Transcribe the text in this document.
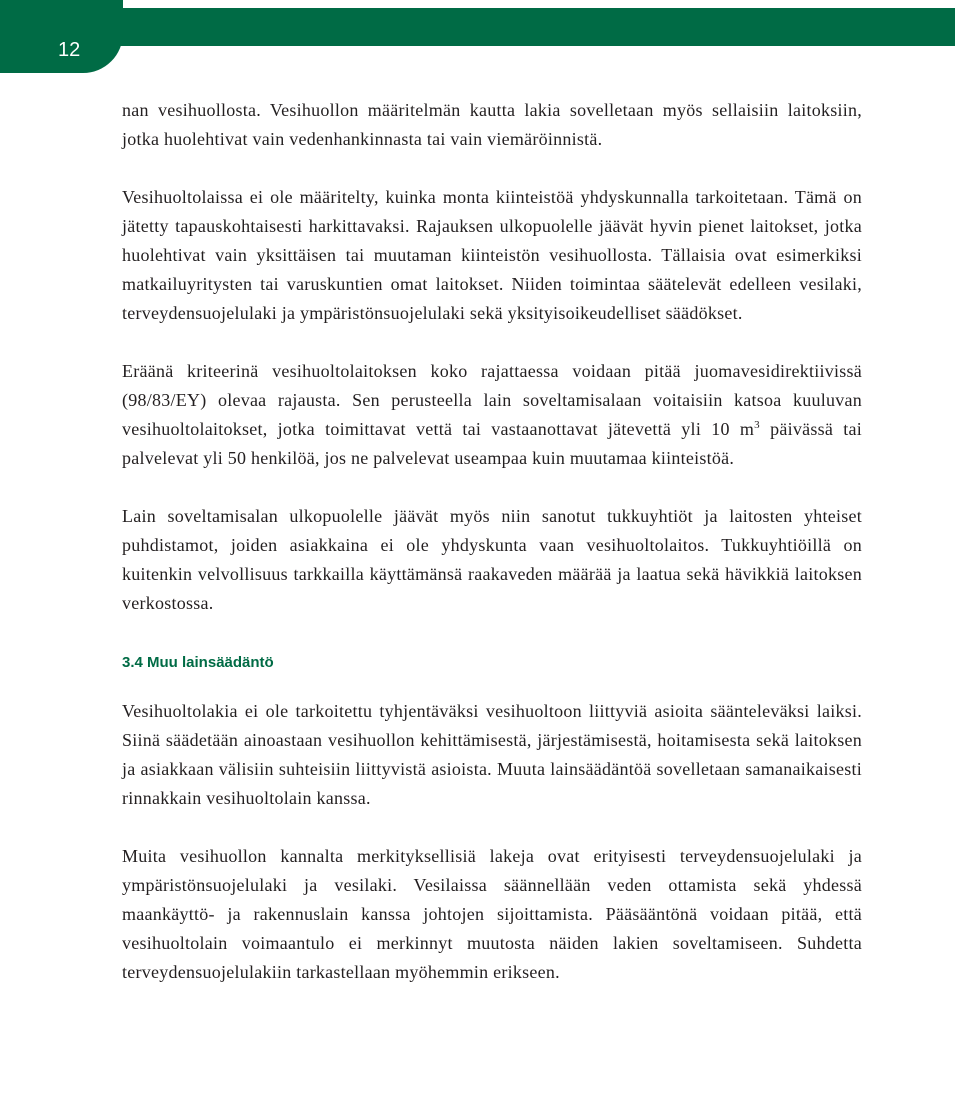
12

nan vesihuollosta. Vesihuollon määritelmän kautta lakia sovelletaan myös sellaisiin laitoksiin, jotka huolehtivat vain vedenhankinnasta tai vain viemäröinnistä.

Vesihuoltolaissa ei ole määritelty, kuinka monta kiinteistöä yhdyskunnalla tarkoitetaan. Tämä on jätetty tapauskohtaisesti harkittavaksi. Rajauksen ulkopuolelle jäävät hyvin pienet laitokset, jotka huolehtivat vain yksittäisen tai muutaman kiinteistön vesihuollosta. Tällaisia ovat esimerkiksi matkailuyritysten tai varuskuntien omat laitokset. Niiden toimintaa säätelevät edelleen vesilaki, terveydensuojelulaki ja ympäristönsuojelulaki sekä yksityisoikeudelliset säädökset.

Eräänä kriteerinä vesihuoltolaitoksen koko rajattaessa voidaan pitää juomavesidirektiivissä (98/83/EY) olevaa rajausta. Sen perusteella lain soveltamisalaan voitaisiin katsoa kuuluvan vesihuoltolaitokset, jotka toimittavat vettä tai vastaanottavat jätevettä yli 10 $m^3$ päivässä tai palvelevat yli 50 henkilöä, jos ne palvelevat useampaa kuin muutamaa kiinteistöä.

Lain soveltamisalan ulkopuolelle jäävät myös niin sanotut tukkuyhtiöt ja laitosten yhteiset puhdistamot, joiden asiakkaina ei ole yhdyskunta vaan vesihuoltolaitos. Tukkuyhtiöillä on kuitenkin velvollisuus tarkkailla käyttämänsä raakaveden määrää ja laatua sekä hävikkiä laitoksen verkostossa.

3.4 Muu lainsäädäntö

Vesihuoltolakia ei ole tarkoitettu tyhjentäväksi vesihuoltoon liittyviä asioita säänteleväksi laiksi. Siinä säädetään ainoastaan vesihuollon kehittämisestä, järjestämisestä, hoitamisesta sekä laitoksen ja asiakkaan välisiin suhteisiin liittyvistä asioista. Muuta lainsäädäntöä sovelletaan samanaikaisesti rinnakkain vesihuoltolain kanssa.

Muita vesihuollon kannalta merkityksellisiä lakeja ovat erityisesti terveydensuojelulaki ja ympäristönsuojelulaki ja vesilaki. Vesilaissa säännellään veden ottamista sekä yhdessä maankäyttö- ja rakennuslain kanssa johtojen sijoittamista. Pääsääntönä voidaan pitää, että vesihuoltolain voimaantulo ei merkinnyt muutosta näiden lakien soveltamiseen. Suhdetta terveydensuojelulakiin tarkastellaan myöhemmin erikseen.
